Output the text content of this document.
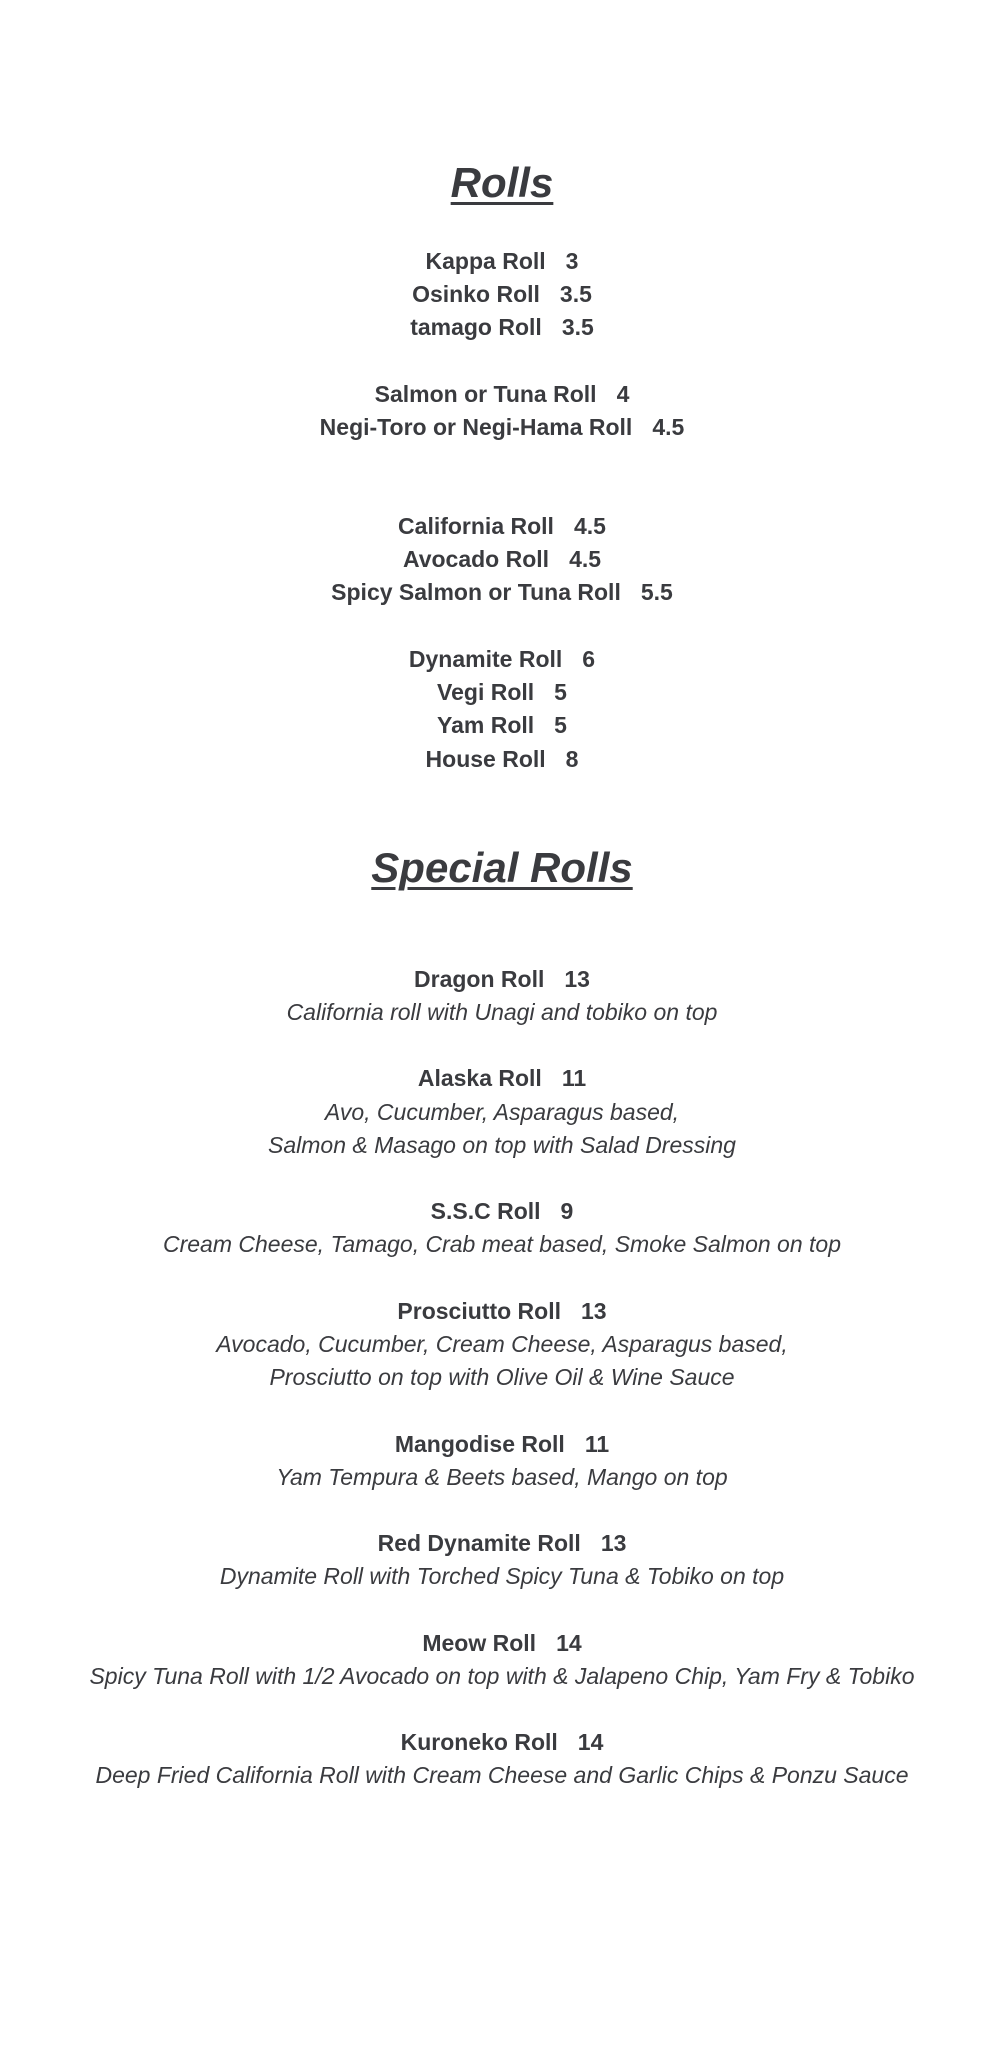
Rolls
Kappa Roll 3
Osinko Roll 3.5
tamago Roll 3.5
Salmon or Tuna Roll 4
Negi-Toro or Negi-Hama Roll 4.5
California Roll 4.5
Avocado Roll 4.5
Spicy Salmon or Tuna Roll 5.5
Dynamite Roll 6
Vegi Roll 5
Yam Roll 5
House Roll 8
Special Rolls
Dragon Roll 13
California roll with Unagi and tobiko on top
Alaska Roll 11
Avo, Cucumber, Asparagus based,
Salmon & Masago on top with Salad Dressing
S.S.C Roll 9
Cream Cheese, Tamago, Crab meat based, Smoke Salmon on top
Prosciutto Roll 13
Avocado, Cucumber, Cream Cheese, Asparagus based,
Prosciutto on top with Olive Oil & Wine Sauce
Mangodise Roll 11
Yam Tempura & Beets based, Mango on top
Red Dynamite Roll 13
Dynamite Roll with Torched Spicy Tuna & Tobiko on top
Meow Roll 14
Spicy Tuna Roll with 1/2 Avocado on top with & Jalapeno Chip, Yam Fry & Tobiko
Kuroneko Roll 14
Deep Fried California Roll with Cream Cheese and Garlic Chips & Ponzu Sauce
